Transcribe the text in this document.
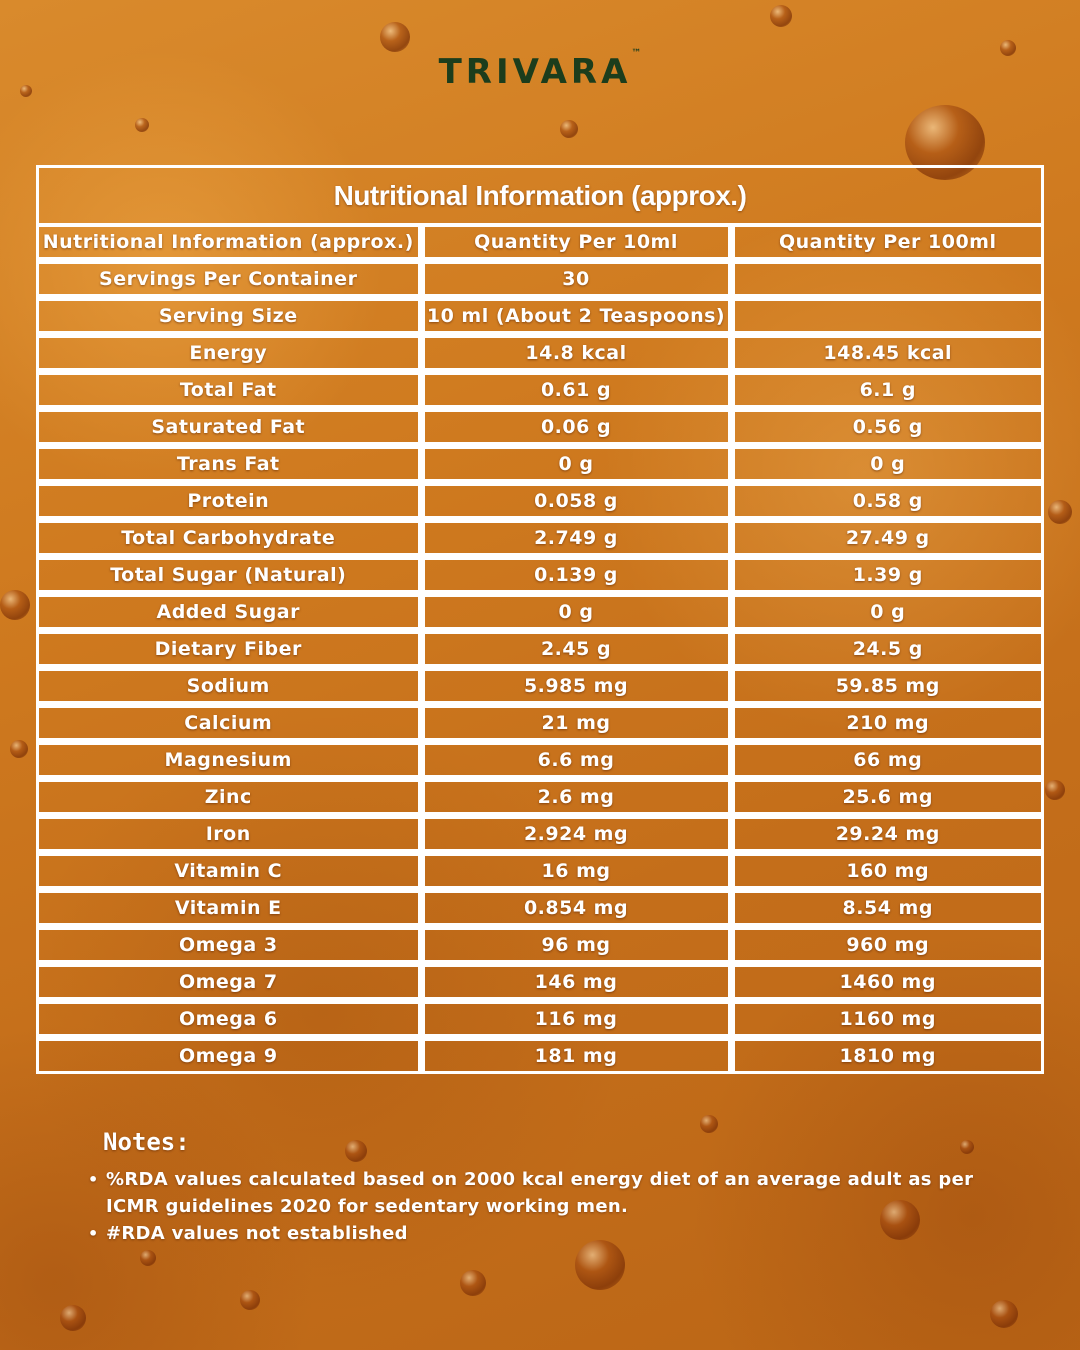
TRIVARA™
Nutritional Information (approx.)
Nutritional Information (approx.)	Quantity Per 10ml	Quantity Per 100ml
Servings Per Container	30	
Serving Size	10 ml (About 2 Teaspoons)	
Energy	14.8 kcal	148.45 kcal
Total Fat	0.61 g	6.1 g
Saturated Fat	0.06 g	0.56 g
Trans Fat	0 g	0 g
Protein	0.058 g	0.58 g
Total Carbohydrate	2.749 g	27.49 g
Total Sugar (Natural)	0.139 g	1.39 g
Added Sugar	0 g	0 g
Dietary Fiber	2.45 g	24.5 g
Sodium	5.985 mg	59.85 mg
Calcium	21 mg	210 mg
Magnesium	6.6 mg	66 mg
Zinc	2.6 mg	25.6 mg
Iron	2.924 mg	29.24 mg
Vitamin C	16 mg	160 mg
Vitamin E	0.854 mg	8.54 mg
Omega 3	96 mg	960 mg
Omega 7	146 mg	1460 mg
Omega 6	116 mg	1160 mg
Omega 9	181 mg	1810 mg
Notes:
• %RDA values calculated based on 2000 kcal energy diet of an average adult as per ICMR guidelines 2020 for sedentary working men.
• #RDA values not established
